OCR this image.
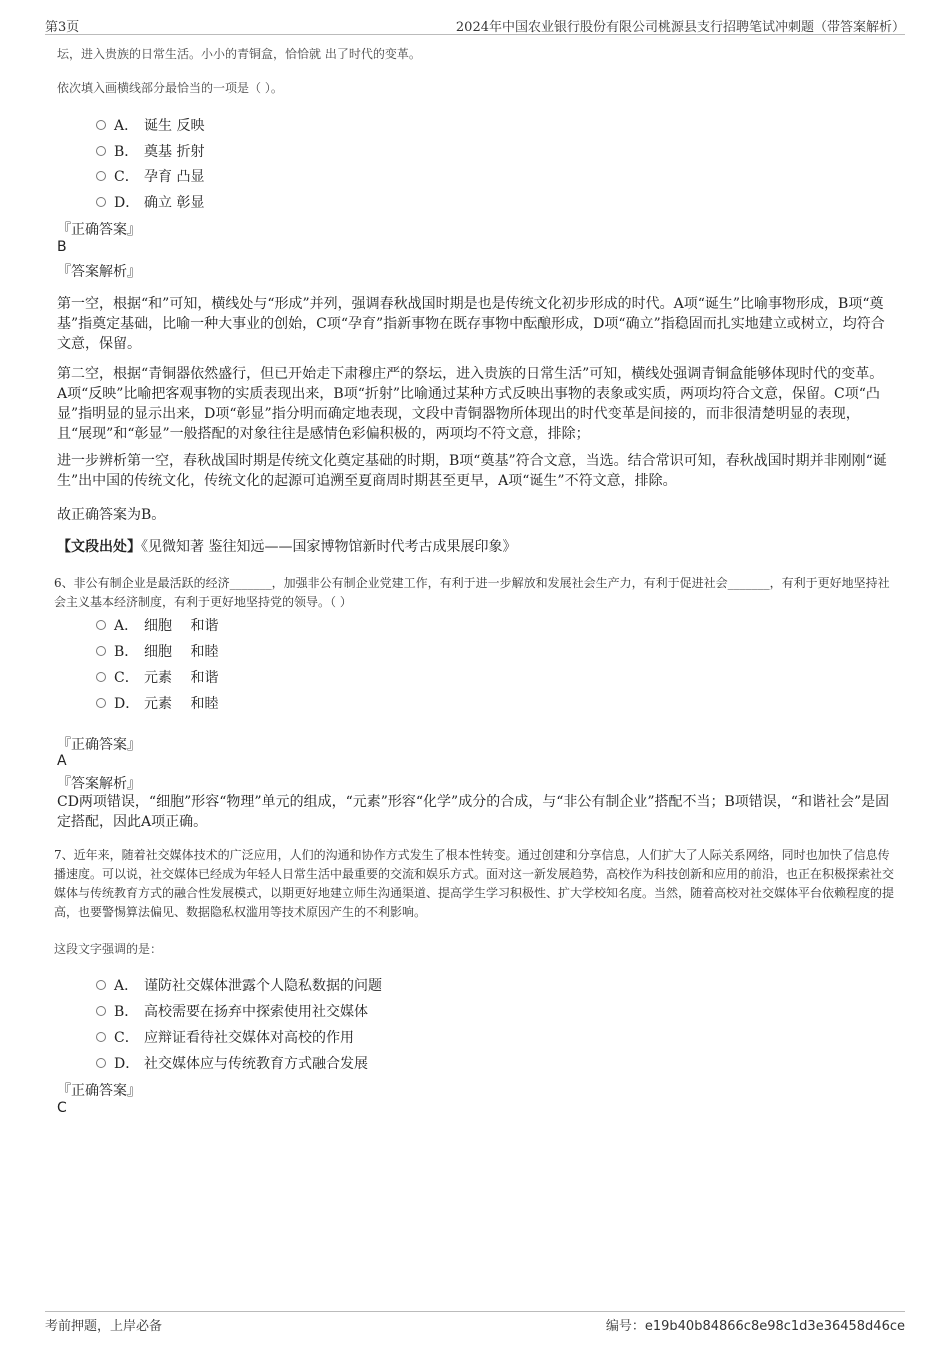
第3页	2024年中国农业银行股份有限公司桃源县支行招聘笔试冲刺题（带答案解析）
坛，进入贵族的日常生活。小小的青铜盒，恰恰就 出了时代的变革。
依次填入画横线部分最恰当的一项是（ ）。
A． 诞生 反映
B． 奠基 折射
C． 孕育 凸显
D． 确立 彰显
『正确答案』
B
『答案解析』
第一空，根据“和”可知，横线处与“形成”并列，强调春秋战国时期是也是传统文化初步形成的时代。A项“诞生”比喻事物形成，B项“奠基”指奠定基础，比喻一种大事业的创始，C项“孕育”指新事物在既存事物中酝酿形成，D项“确立”指稳固而扎实地建立或树立，均符合文意，保留。
第二空，根据“青铜器依然盛行，但已开始走下肃穆庄严的祭坛，进入贵族的日常生活”可知，横线处强调青铜盒能够体现时代的变革。A项“反映”比喻把客观事物的实质表现出来，B项“折射”比喻通过某种方式反映出事物的表象或实质，两项均符合文意，保留。C项“凸显”指明显的显示出来，D项“彰显”指分明而确定地表现，文段中青铜器物所体现出的时代变革是间接的，而非很清楚明显的表现，且“展现”和“彰显”一般搭配的对象往往是感情色彩偏积极的，两项均不符文意，排除；
进一步辨析第一空，春秋战国时期是传统文化奠定基础的时期，B项“奠基”符合文意，当选。结合常识可知，春秋战国时期并非刚刚“诞生”出中国的传统文化，传统文化的起源可追溯至夏商周时期甚至更早，A项“诞生”不符文意，排除。
故正确答案为B。
【文段出处】《见微知著 鉴往知远——国家博物馆新时代考古成果展印象》
6、非公有制企业是最活跃的经济_______，加强非公有制企业党建工作，有利于进一步解放和发展社会生产力，有利于促进社会_______，有利于更好地坚持社会主义基本经济制度，有利于更好地坚持党的领导。（ ）
A． 细胞　 和谐
B． 细胞　 和睦
C． 元素　 和谐
D． 元素　 和睦
『正确答案』
A
『答案解析』
CD两项错误，“细胞”形容“物理”单元的组成，“元素”形容“化学”成分的合成，与“非公有制企业”搭配不当；B项错误，“和谐社会”是固定搭配，因此A项正确。
7、近年来，随着社交媒体技术的广泛应用，人们的沟通和协作方式发生了根本性转变。通过创建和分享信息，人们扩大了人际关系网络，同时也加快了信息传播速度。可以说，社交媒体已经成为年轻人日常生活中最重要的交流和娱乐方式。面对这一新发展趋势，高校作为科技创新和应用的前沿，也正在积极探索社交媒体与传统教育方式的融合性发展模式，以期更好地建立师生沟通渠道、提高学生学习积极性、扩大学校知名度。当然，随着高校对社交媒体平台依赖程度的提高，也要警惕算法偏见、数据隐私权滥用等技术原因产生的不利影响。
这段文字强调的是：
A． 谨防社交媒体泄露个人隐私数据的问题
B． 高校需要在扬弃中探索使用社交媒体
C． 应辩证看待社交媒体对高校的作用
D． 社交媒体应与传统教育方式融合发展
『正确答案』
C
考前押题，上岸必备	编号：e19b40b84866c8e98c1d3e36458d46ce
